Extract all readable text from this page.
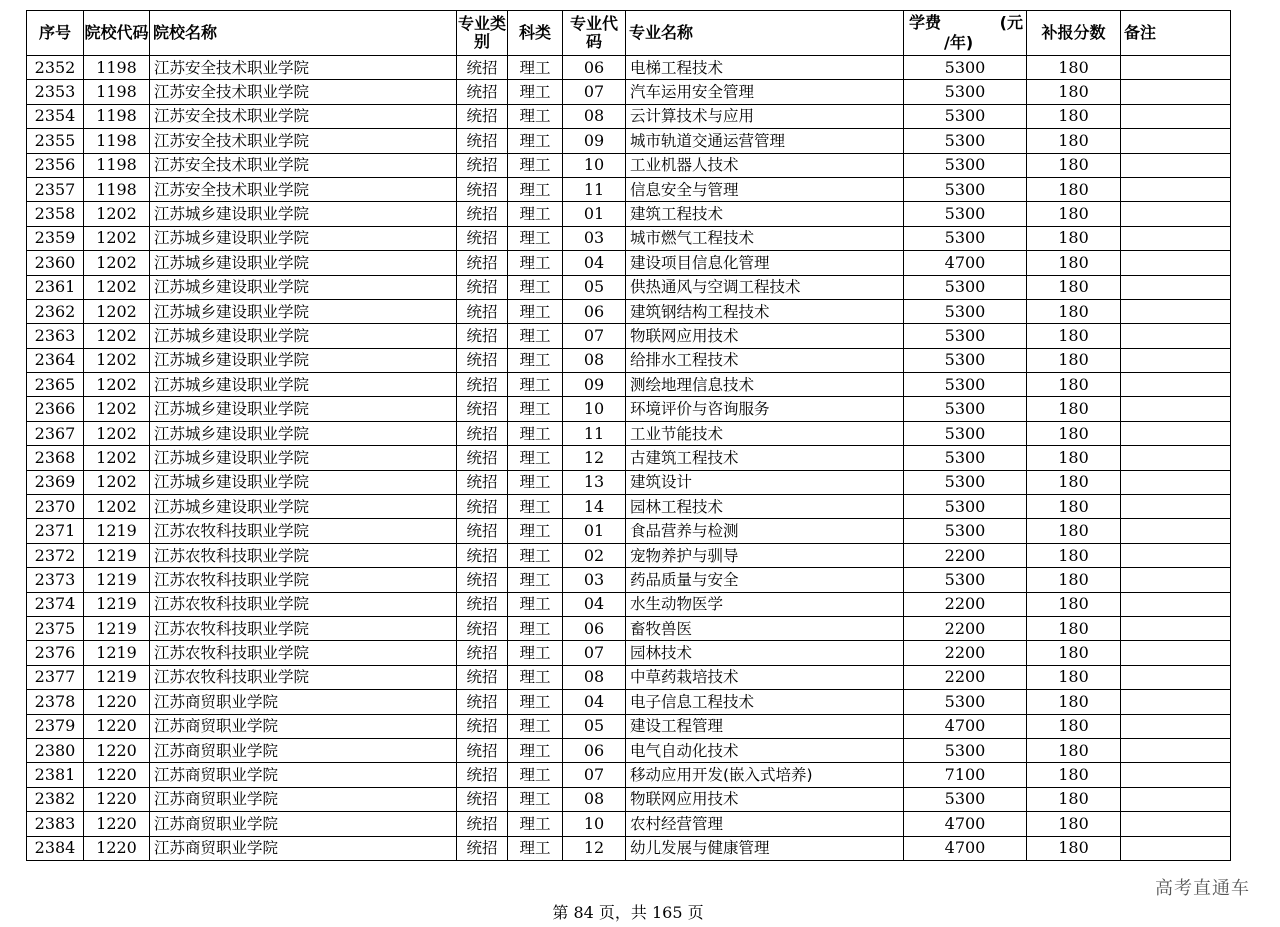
序号	院校代码	院校名称	专业类别	科类	专业代码	专业名称	学费 (元
/年)	补报分数	备注
2352	1198	江苏安全技术职业学院	统招	理工	06	电梯工程技术	5300	180	
2353	1198	江苏安全技术职业学院	统招	理工	07	汽车运用安全管理	5300	180	
2354	1198	江苏安全技术职业学院	统招	理工	08	云计算技术与应用	5300	180	
2355	1198	江苏安全技术职业学院	统招	理工	09	城市轨道交通运营管理	5300	180	
2356	1198	江苏安全技术职业学院	统招	理工	10	工业机器人技术	5300	180	
2357	1198	江苏安全技术职业学院	统招	理工	11	信息安全与管理	5300	180	
2358	1202	江苏城乡建设职业学院	统招	理工	01	建筑工程技术	5300	180	
2359	1202	江苏城乡建设职业学院	统招	理工	03	城市燃气工程技术	5300	180	
2360	1202	江苏城乡建设职业学院	统招	理工	04	建设项目信息化管理	4700	180	
2361	1202	江苏城乡建设职业学院	统招	理工	05	供热通风与空调工程技术	5300	180	
2362	1202	江苏城乡建设职业学院	统招	理工	06	建筑钢结构工程技术	5300	180	
2363	1202	江苏城乡建设职业学院	统招	理工	07	物联网应用技术	5300	180	
2364	1202	江苏城乡建设职业学院	统招	理工	08	给排水工程技术	5300	180	
2365	1202	江苏城乡建设职业学院	统招	理工	09	测绘地理信息技术	5300	180	
2366	1202	江苏城乡建设职业学院	统招	理工	10	环境评价与咨询服务	5300	180	
2367	1202	江苏城乡建设职业学院	统招	理工	11	工业节能技术	5300	180	
2368	1202	江苏城乡建设职业学院	统招	理工	12	古建筑工程技术	5300	180	
2369	1202	江苏城乡建设职业学院	统招	理工	13	建筑设计	5300	180	
2370	1202	江苏城乡建设职业学院	统招	理工	14	园林工程技术	5300	180	
2371	1219	江苏农牧科技职业学院	统招	理工	01	食品营养与检测	5300	180	
2372	1219	江苏农牧科技职业学院	统招	理工	02	宠物养护与驯导	2200	180	
2373	1219	江苏农牧科技职业学院	统招	理工	03	药品质量与安全	5300	180	
2374	1219	江苏农牧科技职业学院	统招	理工	04	水生动物医学	2200	180	
2375	1219	江苏农牧科技职业学院	统招	理工	06	畜牧兽医	2200	180	
2376	1219	江苏农牧科技职业学院	统招	理工	07	园林技术	2200	180	
2377	1219	江苏农牧科技职业学院	统招	理工	08	中草药栽培技术	2200	180	
2378	1220	江苏商贸职业学院	统招	理工	04	电子信息工程技术	5300	180	
2379	1220	江苏商贸职业学院	统招	理工	05	建设工程管理	4700	180	
2380	1220	江苏商贸职业学院	统招	理工	06	电气自动化技术	5300	180	
2381	1220	江苏商贸职业学院	统招	理工	07	移动应用开发(嵌入式培养)	7100	180	
2382	1220	江苏商贸职业学院	统招	理工	08	物联网应用技术	5300	180	
2383	1220	江苏商贸职业学院	统招	理工	10	农村经营管理	4700	180	
2384	1220	江苏商贸职业学院	统招	理工	12	幼儿发展与健康管理	4700	180	
第 84 页，共 165 页
高考直通车
